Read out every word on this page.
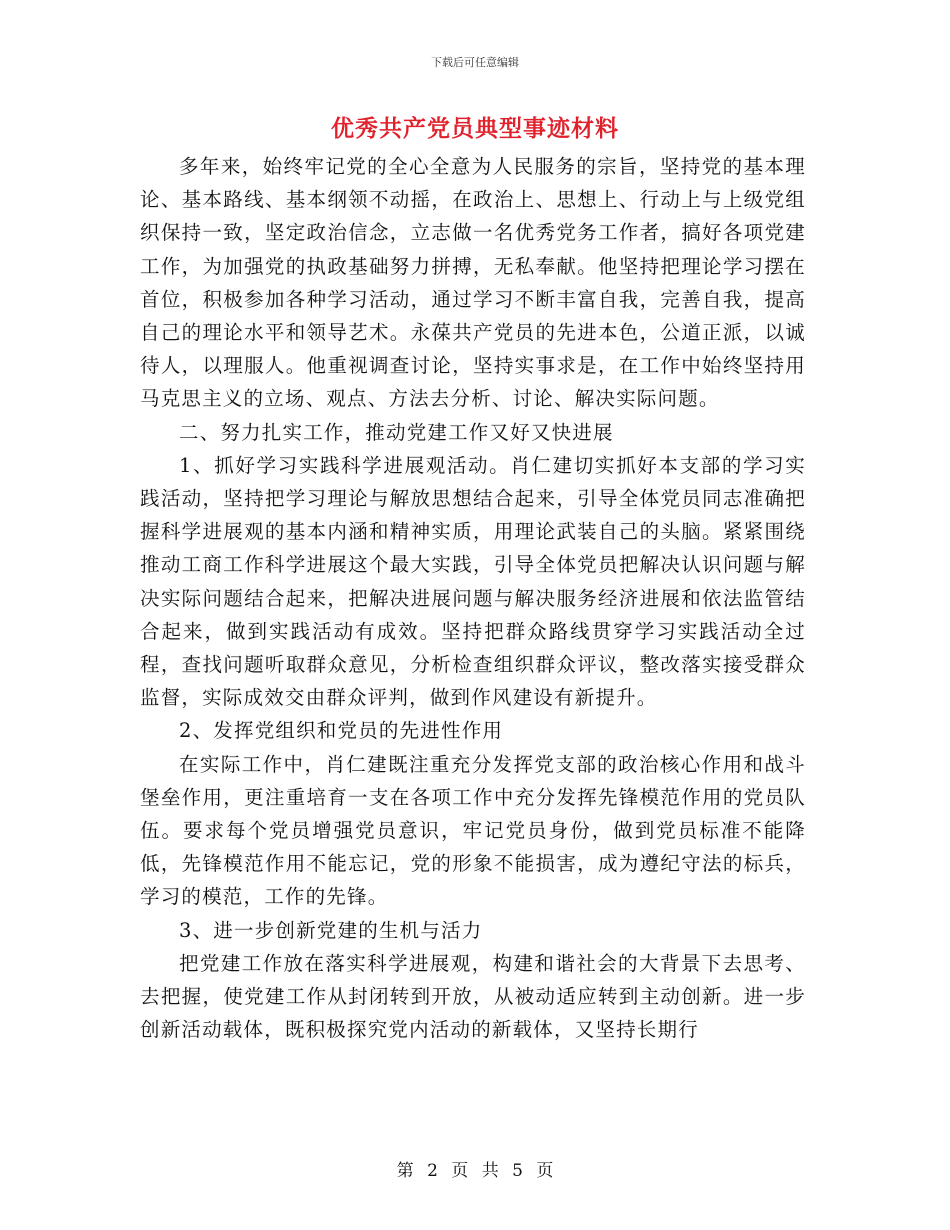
下载后可任意编辑
优秀共产党员典型事迹材料

多年来，始终牢记党的全心全意为人民服务的宗旨，坚持党的基本理论、基本路线、基本纲领不动摇，在政治上、思想上、行动上与上级党组织保持一致，坚定政治信念，立志做一名优秀党务工作者，搞好各项党建工作，为加强党的执政基础努力拼搏，无私奉献。他坚持把理论学习摆在首位，积极参加各种学习活动，通过学习不断丰富自我，完善自我，提高自己的理论水平和领导艺术。永葆共产党员的先进本色，公道正派，以诚待人，以理服人。他重视调查讨论，坚持实事求是，在工作中始终坚持用马克思主义的立场、观点、方法去分析、讨论、解决实际问题。

二、努力扎实工作，推动党建工作又好又快进展

1、抓好学习实践科学进展观活动。肖仁建切实抓好本支部的学习实践活动，坚持把学习理论与解放思想结合起来，引导全体党员同志准确把握科学进展观的基本内涵和精神实质，用理论武装自己的头脑。紧紧围绕推动工商工作科学进展这个最大实践，引导全体党员把解决认识问题与解决实际问题结合起来，把解决进展问题与解决服务经济进展和依法监管结合起来，做到实践活动有成效。坚持把群众路线贯穿学习实践活动全过程，查找问题听取群众意见，分析检查组织群众评议，整改落实接受群众监督，实际成效交由群众评判，做到作风建设有新提升。

2、发挥党组织和党员的先进性作用

在实际工作中，肖仁建既注重充分发挥党支部的政治核心作用和战斗堡垒作用，更注重培育一支在各项工作中充分发挥先锋模范作用的党员队伍。要求每个党员增强党员意识，牢记党员身份，做到党员标准不能降低，先锋模范作用不能忘记，党的形象不能损害，成为遵纪守法的标兵，学习的模范，工作的先锋。

3、进一步创新党建的生机与活力

把党建工作放在落实科学进展观，构建和谐社会的大背景下去思考、去把握，使党建工作从封闭转到开放，从被动适应转到主动创新。进一步创新活动载体，既积极探究党内活动的新载体，又坚持长期行

第 2 页 共 5 页
